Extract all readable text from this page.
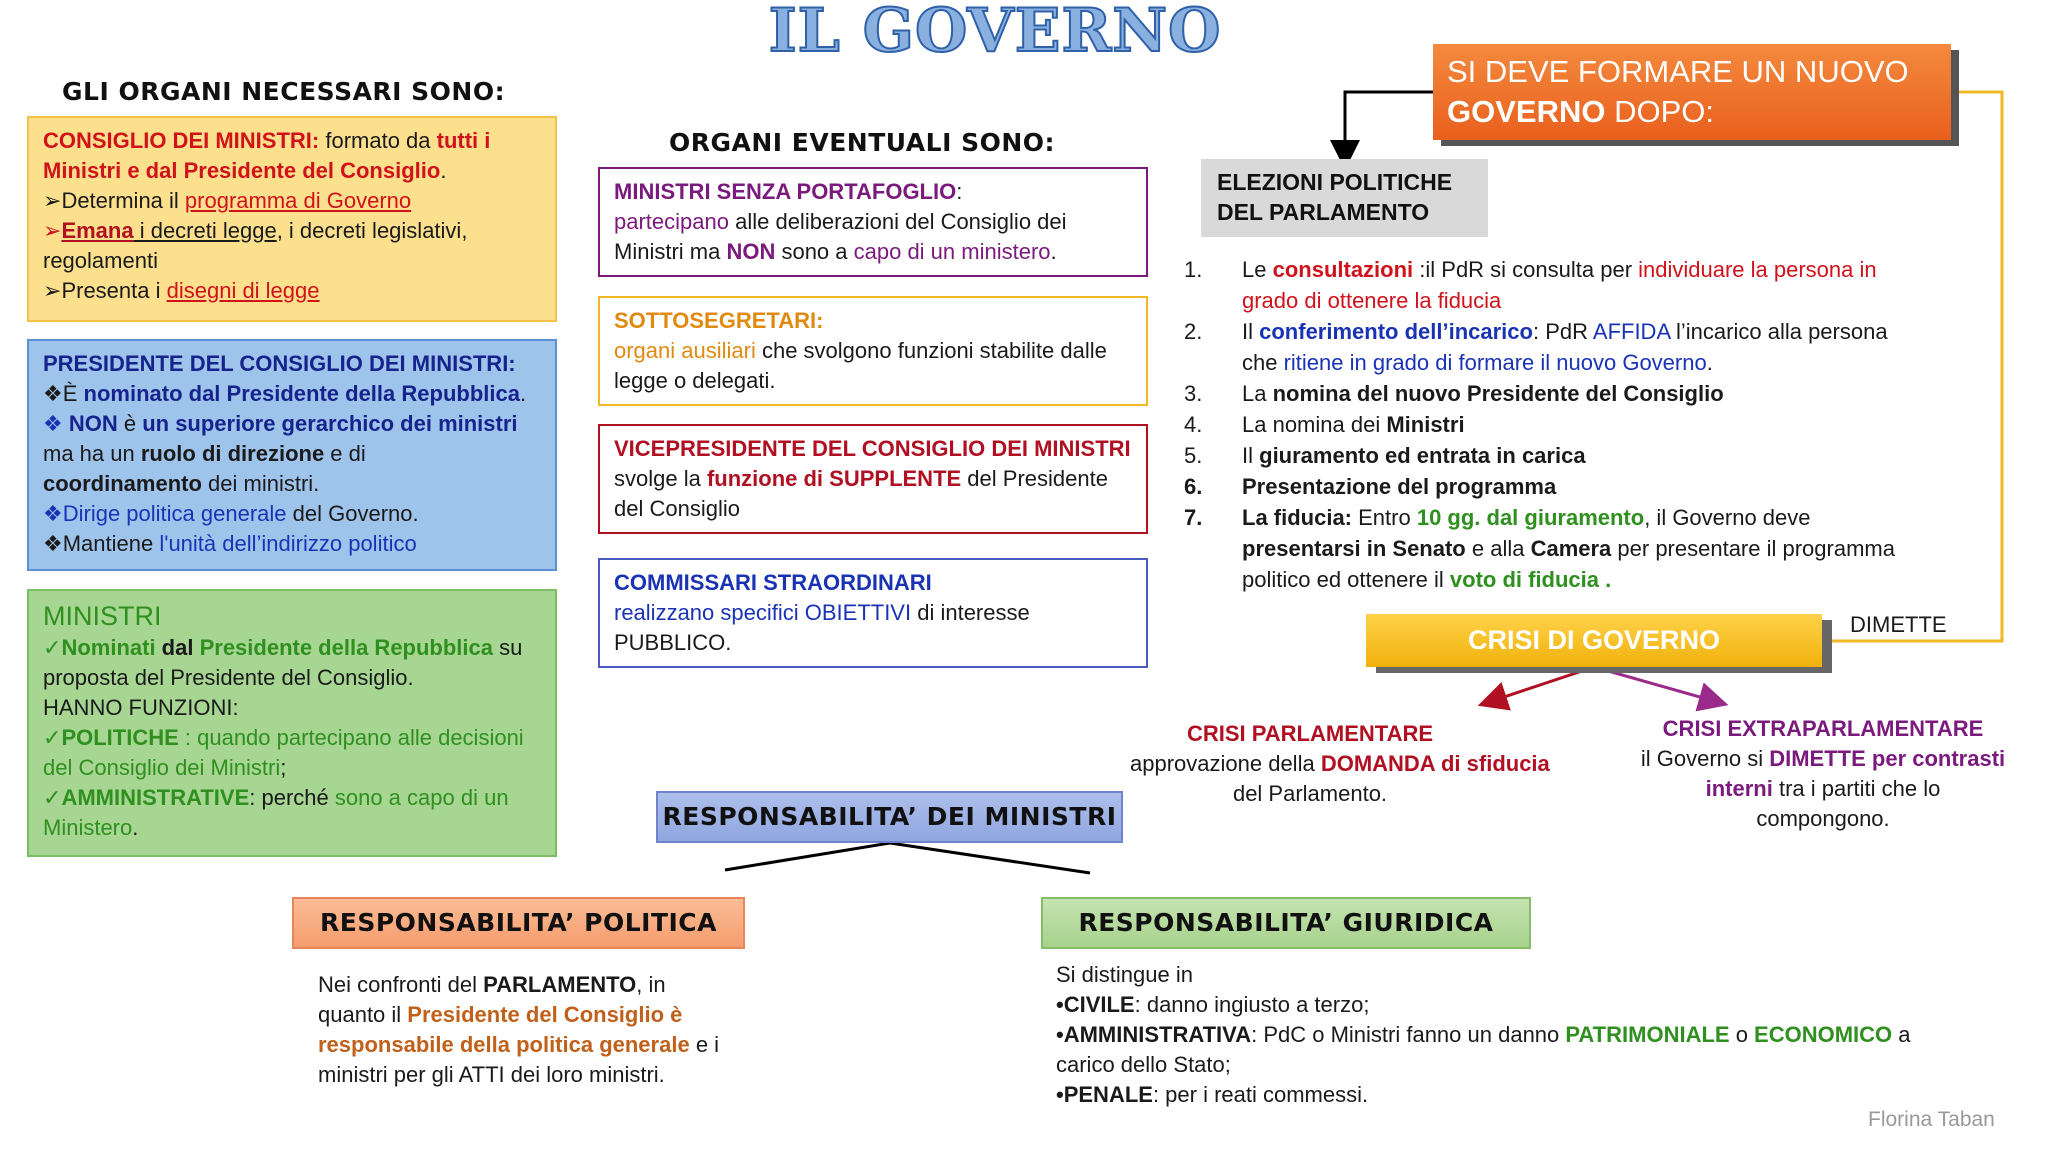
IL GOVERNO
GLI ORGANI NECESSARI SONO:
CONSIGLIO DEI MINISTRI: formato da tutti i Ministri e dal Presidente del Consiglio.
➢Determina il programma di Governo
➢Emana i decreti legge, i decreti legislativi, regolamenti
➢Presenta i disegni di legge
PRESIDENTE DEL CONSIGLIO DEI MINISTRI:
❖È nominato dal Presidente della Repubblica.
❖ NON è un superiore gerarchico dei ministri
ma ha un ruolo di direzione e di
coordinamento dei ministri.
❖Dirige politica generale del Governo.
❖Mantiene l'unità dell’indirizzo politico
MINISTRI
✓Nominati dal Presidente della Repubblica su proposta del Presidente del Consiglio.
HANNO FUNZIONI:
✓POLITICHE : quando partecipano alle decisioni del Consiglio dei Ministri;
✓AMMINISTRATIVE: perché sono a capo di un Ministero.
ORGANI EVENTUALI SONO:
MINISTRI SENZA PORTAFOGLIO:
partecipano alle deliberazioni del Consiglio dei Ministri ma NON sono a capo di un ministero.
SOTTOSEGRETARI:
organi ausiliari che svolgono funzioni stabilite dalle legge o delegati.
VICEPRESIDENTE DEL CONSIGLIO DEI MINISTRI
svolge la funzione di SUPPLENTE del Presidente del Consiglio
COMMISSARI STRAORDINARI
realizzano specifici OBIETTIVI di interesse PUBBLICO.
SI DEVE FORMARE UN NUOVO
GOVERNO DOPO:
ELEZIONI POLITICHE
DEL PARLAMENTO
1. Le consultazioni :il PdR si consulta per individuare la persona in grado di ottenere la fiducia
2. Il conferimento dell’incarico: PdR AFFIDA l’incarico alla persona che ritiene in grado di formare il nuovo Governo.
3. La nomina del nuovo Presidente del Consiglio
4. La nomina dei Ministri
5. Il giuramento ed entrata in carica
6. Presentazione del programma
7. La fiducia: Entro 10 gg. dal giuramento, il Governo deve presentarsi in Senato e alla Camera per presentare il programma politico ed ottenere il voto di fiducia .
CRISI DI GOVERNO
DIMETTE
CRISI PARLAMENTARE
approvazione della DOMANDA di sfiducia
del Parlamento.
CRISI EXTRAPARLAMENTARE
il Governo si DIMETTE per contrasti interni tra i partiti che lo compongono.
RESPONSABILITA’ DEI MINISTRI
RESPONSABILITA’ POLITICA	RESPONSABILITA’ GIURIDICA
Nei confronti del PARLAMENTO, in quanto il Presidente del Consiglio è responsabile della politica generale e i ministri per gli ATTI dei loro ministri.
Si distingue in
•CIVILE: danno ingiusto a terzo;
•AMMINISTRATIVA: PdC o Ministri fanno un danno PATRIMONIALE o ECONOMICO a carico dello Stato;
•PENALE: per i reati commessi.
Florina Taban
